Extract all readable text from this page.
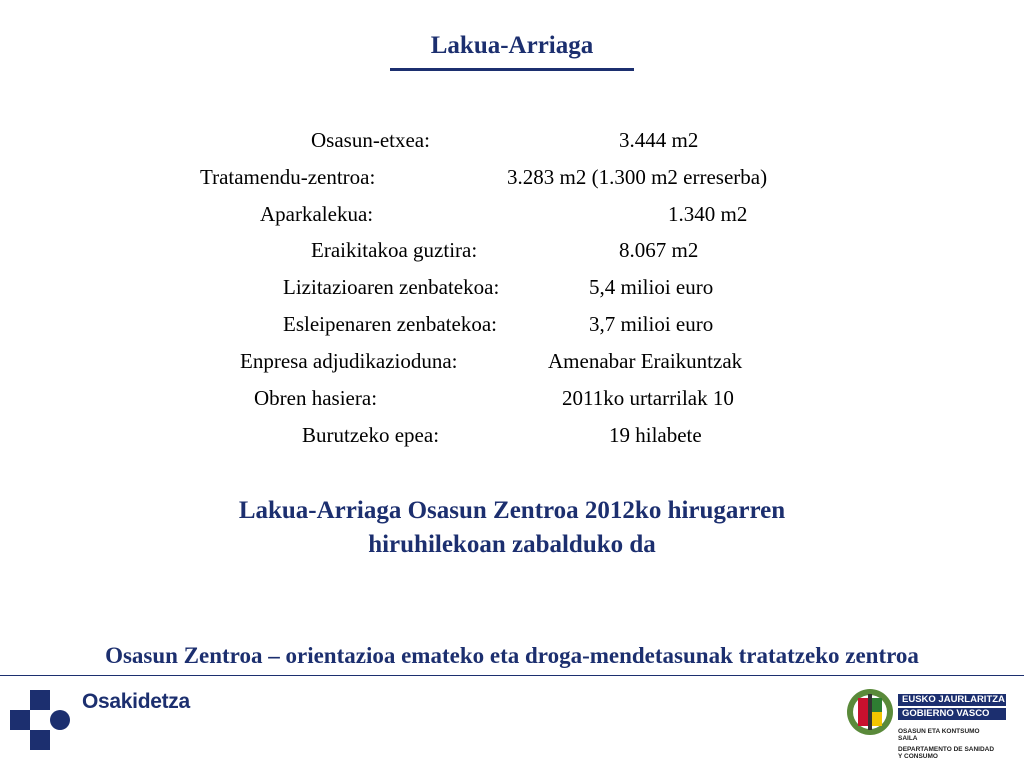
Lakua-Arriaga
Osasun-etxea:	3.444 m2
Tratamendu-zentroa:	3.283 m2 (1.300 m2 erreserba)
Aparkalekua:	1.340 m2
Eraikitakoa guztira:	8.067 m2
Lizitazioaren zenbatekoa:	5,4 milioi euro
Esleipenaren zenbatekoa:	3,7 milioi euro
Enpresa adjudikazioduna:	Amenabar Eraikuntzak
Obren hasiera:	2011ko urtarrilak 10
Burutzeko epea:	19 hilabete
Lakua-Arriaga Osasun Zentroa 2012ko hirugarren
hiruhilekoan zabalduko da
Osasun Zentroa – orientazioa emateko eta droga-mendetasunak tratatzeko zentroa
Osakidetza	EUSKO JAURLARITZA
GOBIERNO VASCO
OSASUN ETA KONTSUMO
SAILA
DEPARTAMENTO DE SANIDAD
Y CONSUMO
